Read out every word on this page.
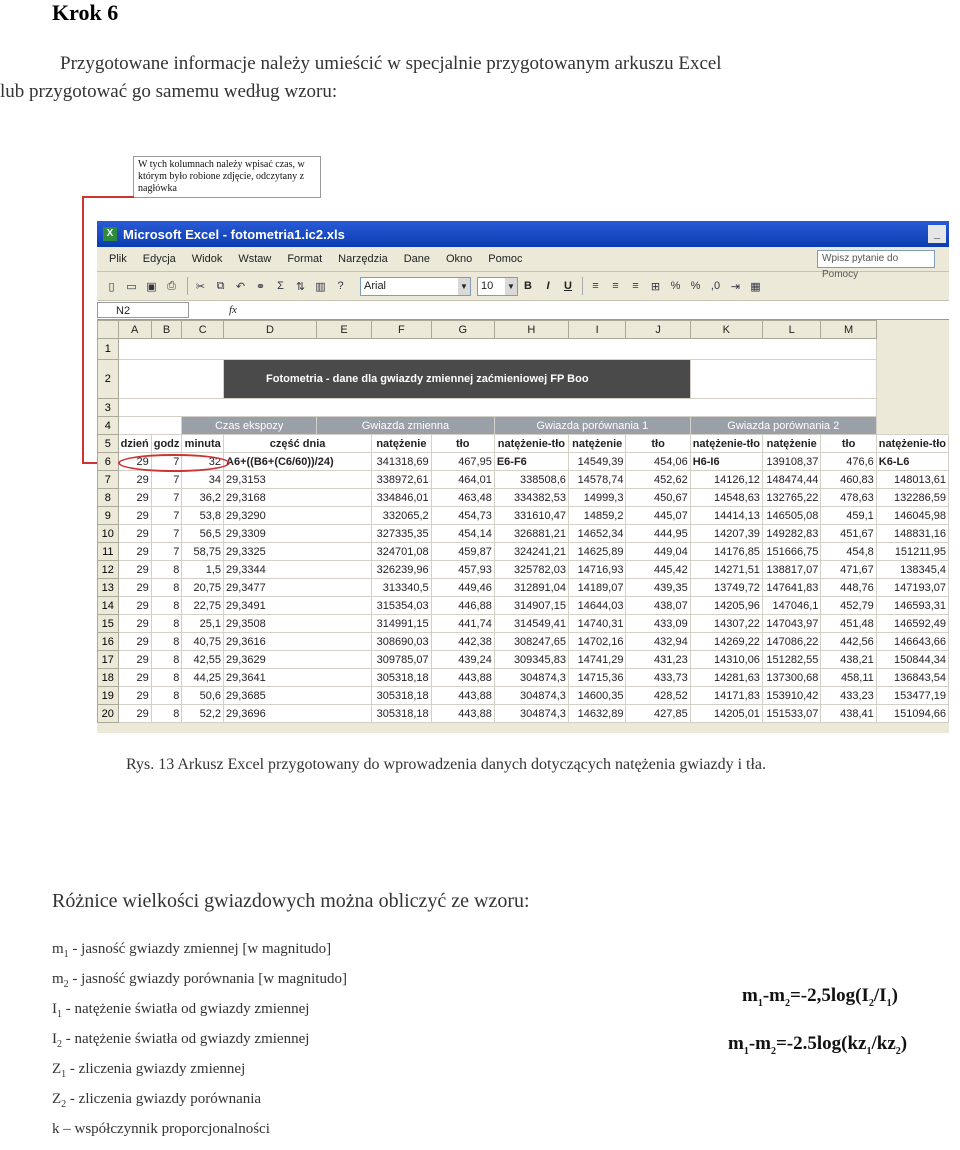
Krok 6
Przygotowane informacje należy umieścić w specjalnie przygotowanym arkuszu Excel
lub przygotować go samemu według wzoru:
W tych kolumnach należy wpisać czas, w którym było robione zdjęcie, odczytany z nagłówka
X Microsoft Excel - fotometria1.ic2.xls	_
Plik	Edycja	Widok	Wstaw	Format	Narzędzia	Dane	Okno	Pomoc	Wpisz pytanie do Pomocy
▯	▭ ▣ ⎙	✂	⧉	↶ ⚭	Σ	⇅ ▥	?	Arial	▼	10 ▼ B	I	U	≡	≡	≡	⊞ % % ,0 ⇥ ▦
N2	fx
	A	B	C	D	E	F	G	H	I	J	K	L	M	
1														
2				Fotometria - dane dla gwiazdy zmiennej zaćmieniowej FP Boo										
3														
4			Czas ekspozy		Gwiazda zmienna			Gwiazda porównania 1			Gwiazda porównania 2			
5	dzień	godz	minuta	część dnia		natężenie	tło	natężenie-tło	natężenie	tło	natężenie-tło	natężenie	tło	natężenie-tło
6	29	7	32	A6+((B6+(C6/60))/24)		341318,69	467,95	E6-F6	14549,39	454,06	H6-I6	139108,37	476,6	K6-L6
7	29	7	34	29,3153		338972,61	464,01	338508,6	14578,74	452,62	14126,12	148474,44	460,83	148013,61
8	29	7	36,2	29,3168		334846,01	463,48	334382,53	14999,3	450,67	14548,63	132765,22	478,63	132286,59
9	29	7	53,8	29,3290		332065,2	454,73	331610,47	14859,2	445,07	14414,13	146505,08	459,1	146045,98
10	29	7	56,5	29,3309		327335,35	454,14	326881,21	14652,34	444,95	14207,39	149282,83	451,67	148831,16
11	29	7	58,75	29,3325		324701,08	459,87	324241,21	14625,89	449,04	14176,85	151666,75	454,8	151211,95
12	29	8	1,5	29,3344		326239,96	457,93	325782,03	14716,93	445,42	14271,51	138817,07	471,67	138345,4
13	29	8	20,75	29,3477		313340,5	449,46	312891,04	14189,07	439,35	13749,72	147641,83	448,76	147193,07
14	29	8	22,75	29,3491		315354,03	446,88	314907,15	14644,03	438,07	14205,96	147046,1	452,79	146593,31
15	29	8	25,1	29,3508		314991,15	441,74	314549,41	14740,31	433,09	14307,22	147043,97	451,48	146592,49
16	29	8	40,75	29,3616		308690,03	442,38	308247,65	14702,16	432,94	14269,22	147086,22	442,56	146643,66
17	29	8	42,55	29,3629		309785,07	439,24	309345,83	14741,29	431,23	14310,06	151282,55	438,21	150844,34
18	29	8	44,25	29,3641		305318,18	443,88	304874,3	14715,36	433,73	14281,63	137300,68	458,11	136843,54
19	29	8	50,6	29,3685		305318,18	443,88	304874,3	14600,35	428,52	14171,83	153910,42	433,23	153477,19
20	29	8	52,2	29,3696		305318,18	443,88	304874,3	14632,89	427,85	14205,01	151533,07	438,41	151094,66
Rys. 13 Arkusz Excel przygotowany do wprowadzenia danych dotyczących natężenia gwiazdy i tła.
Różnice wielkości gwiazdowych można obliczyć ze wzoru:
$m_1$ - jasność gwiazdy zmiennej [w magnitudo]
$m_2$ - jasność gwiazdy porównania [w magnitudo]
$I_1$ - natężenie światła od gwiazdy zmiennej
$I_2$ - natężenie światła od gwiazdy zmiennej
$Z_1$ - zliczenia gwiazdy zmiennej
$Z_2$ - zliczenia gwiazdy porównania
k – współczynnik proporcjonalności
$m_1-m_2=-2,5\log(I_2/I_1)$
$m_1-m_2=-2.5\log(kz_1/kz_2)$
